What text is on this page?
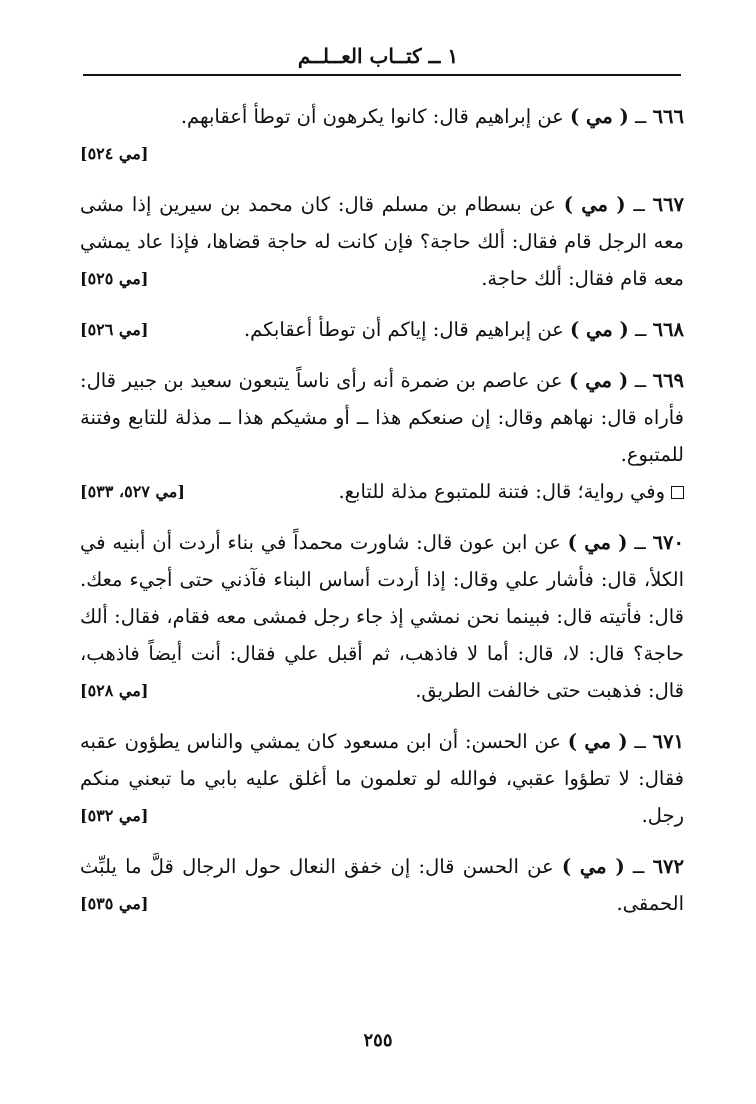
١ ــ كتــاب العــلــم
٦٦٦ ــ ( مي ) عن إبراهيم قال: كانوا يكرهون أن توطأ أعقابهم.
[مي ٥٢٤]
٦٦٧ ــ ( مي ) عن بسطام بن مسلم قال: كان محمد بن سيرين إذا مشى معه الرجل قام فقال: ألك حاجة؟ فإن كانت له حاجة قضاها، فإذا عاد يمشي معه قام فقال: ألك حاجة.
[مي ٥٢٥]
[مي ٥٢٦]	٦٦٨ ــ ( مي ) عن إبراهيم قال: إياكم أن توطأ أعقابكم.
٦٦٩ ــ ( مي ) عن عاصم بن ضمرة أنه رأى ناساً يتبعون سعيد بن جبير قال: فأراه قال: نهاهم وقال: إن صنعكم هذا ــ أو مشيكم هذا ــ مذلة للتابع وفتنة للمتبوع.
[مي ٥٢٧، ٥٣٣]	وفي رواية؛ قال: فتنة للمتبوع مذلة للتابع.
٦٧٠ ــ ( مي ) عن ابن عون قال: شاورت محمداً في بناء أردت أن أبنيه في الكلأ، قال: فأشار علي وقال: إذا أردت أساس البناء فآذني حتى أجيء معك. قال: فأتيته قال: فبينما نحن نمشي إذ جاء رجل فمشى معه فقام، فقال: ألك حاجة؟ قال: لا، قال: أما لا فاذهب، ثم أقبل علي فقال: أنت أيضاً فاذهب، قال: فذهبت حتى خالفت الطريق.
[مي ٥٢٨]
٦٧١ ــ ( مي ) عن الحسن: أن ابن مسعود كان يمشي والناس يطؤون عقبه فقال: لا تطؤوا عقبي، فوالله لو تعلمون ما أغلق عليه بابي ما تبعني منكم رجل.
[مي ٥٣٢]
٦٧٢ ــ ( مي ) عن الحسن قال: إن خفق النعال حول الرجال قلَّ ما يلبِّث الحمقى.
[مي ٥٣٥]
٢٥٥
